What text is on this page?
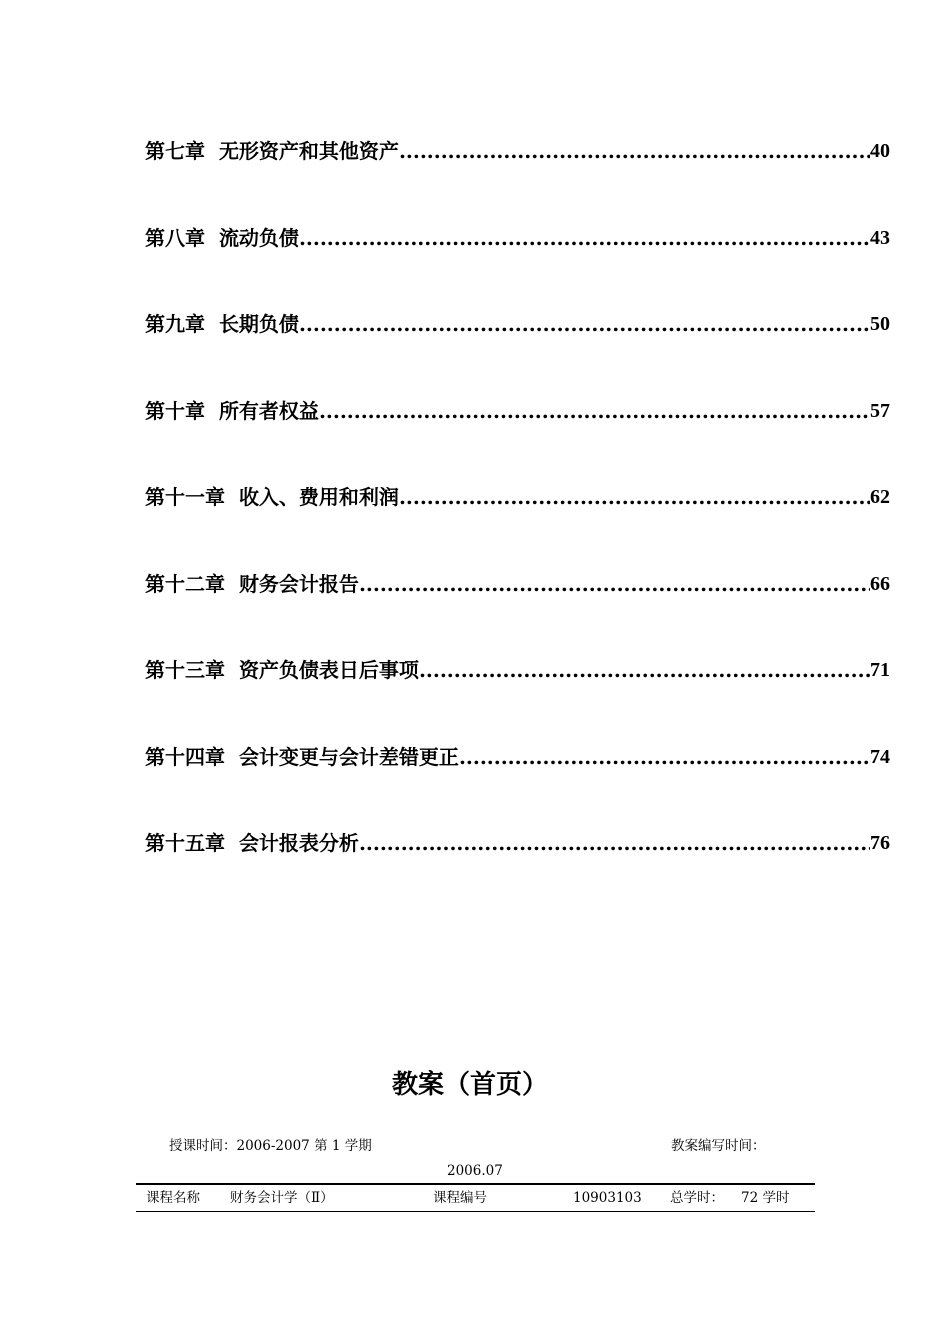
第七章 无形资产和其他资产 .....	40
第八章 流动负债 .....	43
第九章 长期负债 .....	50
第十章 所有者权益 .....	57
第十一章 收入、费用和利润 .....	62
第十二章 财务会计报告 .....	66
第十三章 资产负债表日后事项 .....	71
第十四章 会计变更与会计差错更正 .....	74
第十五章 会计报表分析 .....	76
教案（首页）
授课时间：2006-2007 第 1 学期	教案编写时间：
2006.07
课程名称 财务会计学（Ⅱ）	课程编号	10903103 总学时： 72 学时
